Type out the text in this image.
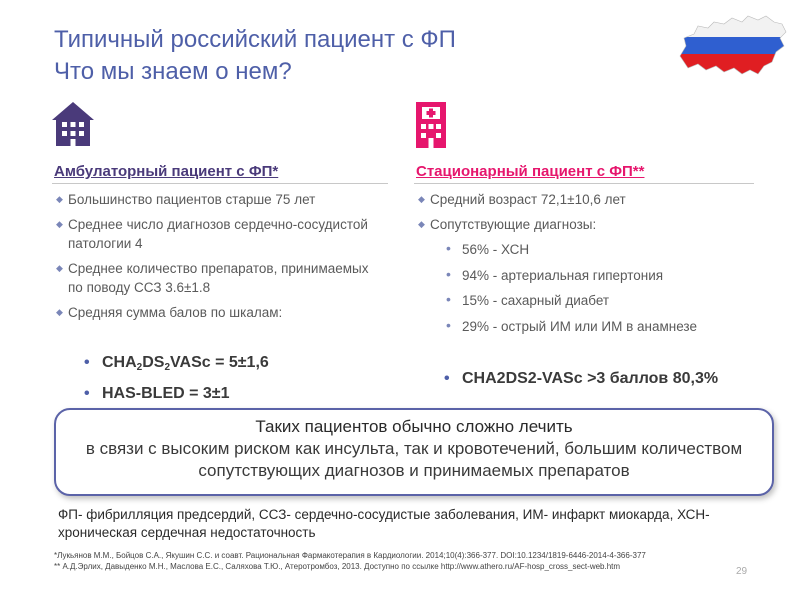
Типичный российский пациент с ФП
Что мы знаем о нем?
Амбулаторный пациент с ФП*	Стационарный пациент с ФП**
◆ Большинство пациентов старше 75 лет
◆ Среднее число диагнозов сердечно-сосудистой патологии 4
◆ Среднее количество препаратов, принимаемых по поводу ССЗ 3.6±1.8
◆ Средняя сумма балов по шкалам:
• $CHA_2DS_2VASc = 5\pm 1,6$
• HAS-BLED = 3±1
◆ Средний возраст 72,1±10,6 лет
◆ Сопутствующие диагнозы:
• 56% - ХСН
• 94% - артериальная гипертония
• 15% - сахарный диабет
• 29% - острый ИМ или ИМ в анамнезе
• CHA2DS2-VASc >3 баллов 80,3%
Таких пациентов обычно сложно лечить
в связи с высоким риском как инсульта, так и кровотечений, большим количеством сопутствующих диагнозов и принимаемых препаратов
ФП- фибрилляция предсердий, ССЗ- сердечно-сосудистые заболевания, ИМ- инфаркт миокарда, ХСН- хроническая сердечная недостаточность
*Лукьянов М.М., Бойцов С.А., Якушин С.С. и соавт. Рациональная Фармакотерапия в Кардиологии. 2014;10(4):366-377. DOI:10.1234/1819-6446-2014-4-366-377
** А.Д.Эрлих, Давыденко М.Н., Маслова Е.С., Саляхова Т.Ю., Атеротромбоз, 2013. Доступно по ссылке http://www.athero.ru/AF-hosp_cross_sect-web.htm	29
